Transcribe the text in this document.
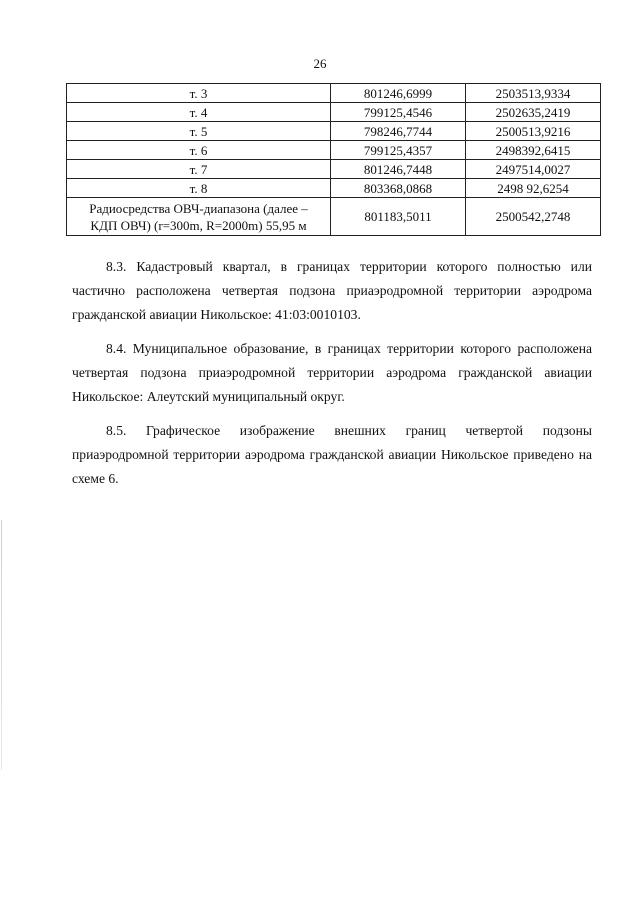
26
т. 3	801246,6999	2503513,9334
т. 4	799125,4546	2502635,2419
т. 5	798246,7744	2500513,9216
т. 6	799125,4357	2498392,6415
т. 7	801246,7448	2497514,0027
т. 8	803368,0868	2498 92,6254
Радиосредства ОВЧ-диапазона (далее –
КДП ОВЧ) (r=300m, R=2000m) 55,95 м	801183,5011	2500542,2748

8.3. Кадастровый квартал, в границах территории которого полностью или частично расположена четвертая подзона приаэродромной территории аэродрома гражданской авиации Никольское: 41:03:0010103.

8.4. Муниципальное образование, в границах территории которого расположена четвертая подзона приаэродромной территории аэродрома гражданской авиации Никольское: Алеутский муниципальный округ.

8.5. Графическое изображение внешних границ четвертой подзоны приаэродромной территории аэродрома гражданской авиации Никольское приведено на схеме 6.
